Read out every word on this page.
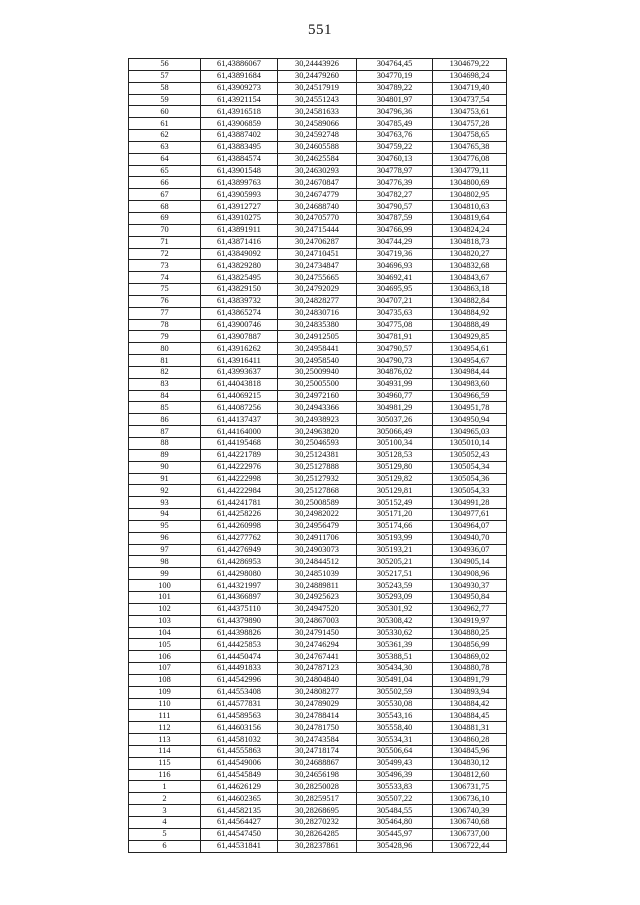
551
56	61,43886067	30,24443926	304764,45	1304679,22
57	61,43891684	30,24479260	304770,19	1304698,24
58	61,43909273	30,24517919	304789,22	1304719,40
59	61,43921154	30,24551243	304801,97	1304737,54
60	61,43916518	30,24581633	304796,36	1304753,61
61	61,43906859	30,24589066	304785,49	1304757,28
62	61,43887402	30,24592748	304763,76	1304758,65
63	61,43883495	30,24605588	304759,22	1304765,38
64	61,43884574	30,24625584	304760,13	1304776,08
65	61,43901548	30,24630293	304778,97	1304779,11
66	61,43899763	30,24670847	304776,39	1304800,69
67	61,43905993	30,24674779	304782,27	1304802,95
68	61,43912727	30,24688740	304790,57	1304810,63
69	61,43910275	30,24705770	304787,59	1304819,64
70	61,43891911	30,24715444	304766,99	1304824,24
71	61,43871416	30,24706287	304744,29	1304818,73
72	61,43849092	30,24710451	304719,36	1304820,27
73	61,43829280	30,24734847	304696,93	1304832,68
74	61,43825495	30,24755665	304692,41	1304843,67
75	61,43829150	30,24792029	304695,95	1304863,18
76	61,43839732	30,24828277	304707,21	1304882,84
77	61,43865274	30,24830716	304735,63	1304884,92
78	61,43900746	30,24835380	304775,08	1304888,49
79	61,43907887	30,24912505	304781,91	1304929,85
80	61,43916262	30,24958441	304790,57	1304954,61
81	61,43916411	30,24958540	304790,73	1304954,67
82	61,43993637	30,25009940	304876,02	1304984,44
83	61,44043818	30,25005500	304931,99	1304983,60
84	61,44069215	30,24972160	304960,77	1304966,59
85	61,44087256	30,24943366	304981,29	1304951,78
86	61,44137437	30,24938923	305037,26	1304950,94
87	61,44164000	30,24963820	305066,49	1304965,03
88	61,44195468	30,25046593	305100,34	1305010,14
89	61,44221789	30,25124381	305128,53	1305052,43
90	61,44222976	30,25127888	305129,80	1305054,34
91	61,44222998	30,25127932	305129,82	1305054,36
92	61,44222984	30,25127868	305129,81	1305054,33
93	61,44241781	30,25008589	305152,49	1304991,28
94	61,44258226	30,24982022	305171,20	1304977,61
95	61,44260998	30,24956479	305174,66	1304964,07
96	61,44277762	30,24911706	305193,99	1304940,70
97	61,44276949	30,24903073	305193,21	1304936,07
98	61,44286953	30,24844512	305205,21	1304905,14
99	61,44298080	30,24851039	305217,51	1304908,96
100	61,44321997	30,24889811	305243,59	1304930,37
101	61,44366897	30,24925623	305293,09	1304950,84
102	61,44375110	30,24947520	305301,92	1304962,77
103	61,44379890	30,24867003	305308,42	1304919,97
104	61,44398826	30,24791450	305330,62	1304880,25
105	61,44425853	30,24746294	305361,39	1304856,99
106	61,44450474	30,24767441	305388,51	1304869,02
107	61,44491833	30,24787123	305434,30	1304880,78
108	61,44542996	30,24804840	305491,04	1304891,79
109	61,44553408	30,24808277	305502,59	1304893,94
110	61,44577831	30,24789029	305530,08	1304884,42
111	61,44589563	30,24788414	305543,16	1304884,45
112	61,44603156	30,24781750	305558,40	1304881,31
113	61,44581032	30,24743584	305534,31	1304860,28
114	61,44555863	30,24718174	305506,64	1304845,96
115	61,44549006	30,24688867	305499,43	1304830,12
116	61,44545849	30,24656198	305496,39	1304812,60
1	61,44626129	30,28250028	305533,83	1306731,75
2	61,44602365	30,28259517	305507,22	1306736,10
3	61,44582135	30,28268695	305484,55	1306740,39
4	61,44564427	30,28270232	305464,80	1306740,68
5	61,44547450	30,28264285	305445,97	1306737,00
6	61,44531841	30,28237861	305428,96	1306722,44
